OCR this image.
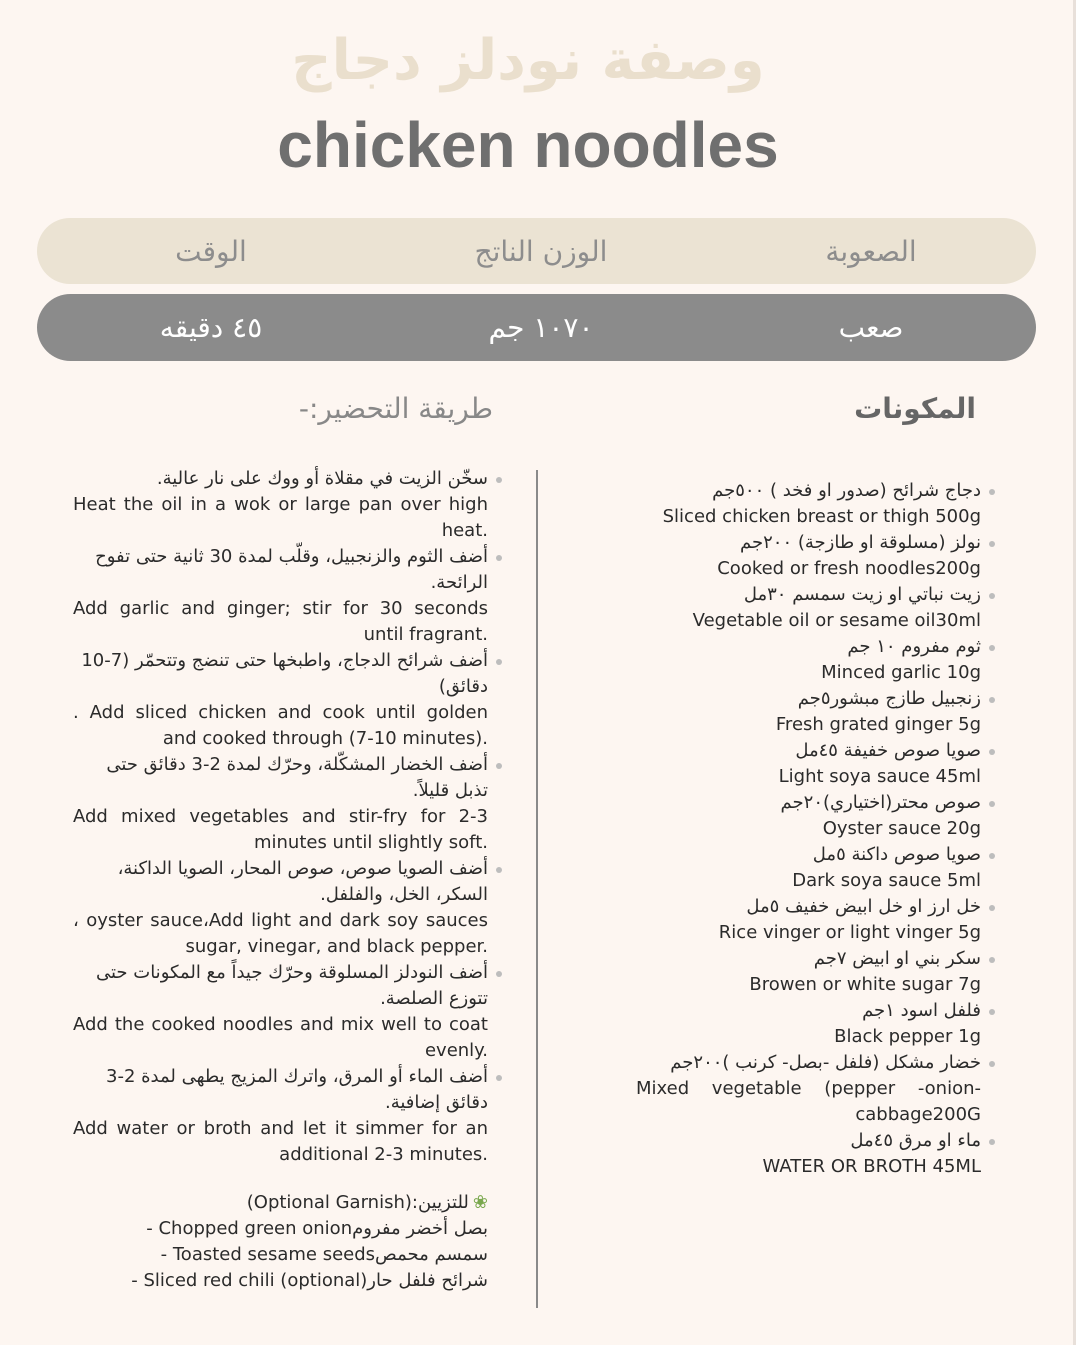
وصفة نودلز دجاج
chicken noodles
الصعوبة
الوزن الناتج
الوقت
صعب
١٠٧٠ جم
٤٥ دقيقه
المكونات
طريقة التحضير:-
دجاج شرائح (صدور او فخد ) ٥٠٠جم
Sliced chicken breast or thigh 500g
نولز (مسلوقة او طازجة) ٢٠٠جم
Cooked or fresh noodles200g
زيت نباتي او زيت سمسم ٣٠مل
Vegetable oil or sesame oil30ml
ثوم مفروم ١٠ جم
Minced garlic 10g
زنجبيل طازج مبشور٥جم
Fresh grated ginger 5g
صويا صوص خفيفة ٤٥مل
Light soya sauce 45ml
صوص محتر(اختياري)٢٠جم
Oyster sauce 20g
صويا صوص داكنة ٥مل
Dark soya sauce 5ml
خل ارز او خل ابيض خفيف ٥مل
Rice vinger or light vinger 5g
سكر بني او ابيض ٧جم
Browen or white sugar 7g
فلفل اسود ١جم
Black pepper 1g
خضار مشكل (فلفل -بصل- كرنب )٢٠٠جم
Mixed vegetable (pepper -onion-cabbage200G
ماء او مرق ٤٥مل
WATER OR BROTH 45ML
سخّن الزيت في مقلاة أو ووك على نار عالية.
Heat the oil in a wok or large pan over high heat.
أضف الثوم والزنجبيل، وقلّب لمدة 30 ثانية حتى تفوح الرائحة.
Add garlic and ginger; stir for 30 seconds until fragrant.
أضف شرائح الدجاج، واطبخها حتى تنضج وتتحمّر (7-10 دقائق)
. Add sliced chicken and cook until golden and cooked through (7-10 minutes).
أضف الخضار المشكّلة، وحرّك لمدة 2-3 دقائق حتى تذبل قليلاً.
Add mixed vegetables and stir-fry for 2-3 minutes until slightly soft.
أضف الصويا صوص، صوص المحار، الصويا الداكنة، السكر، الخل، والفلفل.
، oyster sauce،Add light and dark soy sauces sugar, vinegar, and black pepper.
أضف النودلز المسلوقة وحرّك جيداً مع المكونات حتى تتوزع الصلصة.
Add the cooked noodles and mix well to coat evenly.
أضف الماء أو المرق، واترك المزيج يطهى لمدة 2-3 دقائق إضافية.
Add water or broth and let it simmer for an additional 2-3 minutes.
(Optional Garnish):للتزيين ❀
- Chopped green onionبصل أخضر مفروم
- Toasted sesame seedsسمسم محمص
- Sliced red chili (optional)شرائح فلفل حار
